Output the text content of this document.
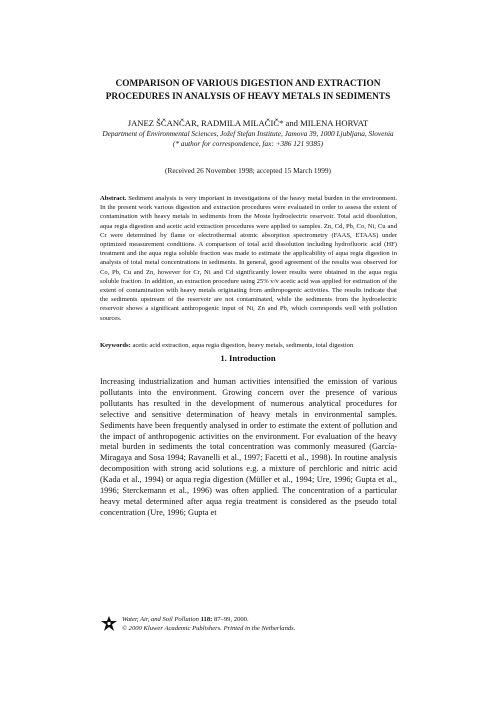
COMPARISON OF VARIOUS DIGESTION AND EXTRACTION
PROCEDURES IN ANALYSIS OF HEAVY METALS IN SEDIMENTS
JANEZ ŠČANČAR, RADMILA MILAČIČ* and MILENA HORVAT
Department of Environmental Sciences, Jožef Stefan Institute, Jamova 39, 1000 Ljubljana, Slovenia
(* author for correspondence, fax: +386 121 9385)
(Received 26 November 1998; accepted 15 March 1999)
Abstract. Sediment analysis is very important in investigations of the heavy metal burden in the environment. In the present work various digestion and extraction procedures were evaluated in order to assess the extent of contamination with heavy metals in sediments from the Moste hydroelectric reservoir. Total acid dissolution, aqua regia digestion and acetic acid extraction procedures were applied to samples. Zn, Cd, Pb, Co, Ni, Cu and Cr were determined by flame or electrothermal atomic absorption spectrometry (FAAS, ETAAS) under optimized measurement conditions. A comparison of total acid dissolution including hydrofluoric acid (HF) treatment and the aqua regia soluble fraction was made to estimate the applicability of aqua regia digestion in analysis of total metal concentrations in sediments. In general, good agreement of the results was observed for Co, Pb, Cu and Zn, however for Cr, Ni and Cd significantly lower results were obtained in the aqua regia soluble fraction. In addition, an extraction procedure using 25% v/v acetic acid was applied for estimation of the extent of contamination with heavy metals originating from anthropogenic activities. The results indicate that the sediments upstream of the reservoir are not contaminated, while the sediments from the hydroelectric reservoir shows a significant anthropogenic input of Ni, Zn and Pb, which corresponds well with pollution sources.
Keywords: acetic acid extraction, aqua regia digestion, heavy metals, sediments, total digestion
1. Introduction
Increasing industrialization and human activities intensified the emission of various pollutants into the environment. Growing concern over the presence of various pollutants has resulted in the development of numerous analytical procedures for selective and sensitive determination of heavy metals in environmental samples. Sediments have been frequently analysed in order to estimate the extent of pollution and the impact of anthropogenic activities on the environment. For evaluation of the heavy metal burden in sediments the total concentration was commonly measured (García-Miragaya and Sosa 1994; Ravanelli et al., 1997; Facetti et al., 1998). In routine analysis decomposition with strong acid solutions e.g. a mixture of perchloric and nitric acid (Kada et al., 1994) or aqua regia digestion (Müller et al., 1994; Ure, 1996; Gupta et al., 1996; Sterckemann et al., 1996) was often applied. The concentration of a particular heavy metal determined after aqua regia treatment is considered as the pseudo total concentration (Ure, 1996; Gupta et
Water, Air, and Soil Pollution 118: 87–99, 2000.
© 2000 Kluwer Academic Publishers. Printed in the Netherlands.
